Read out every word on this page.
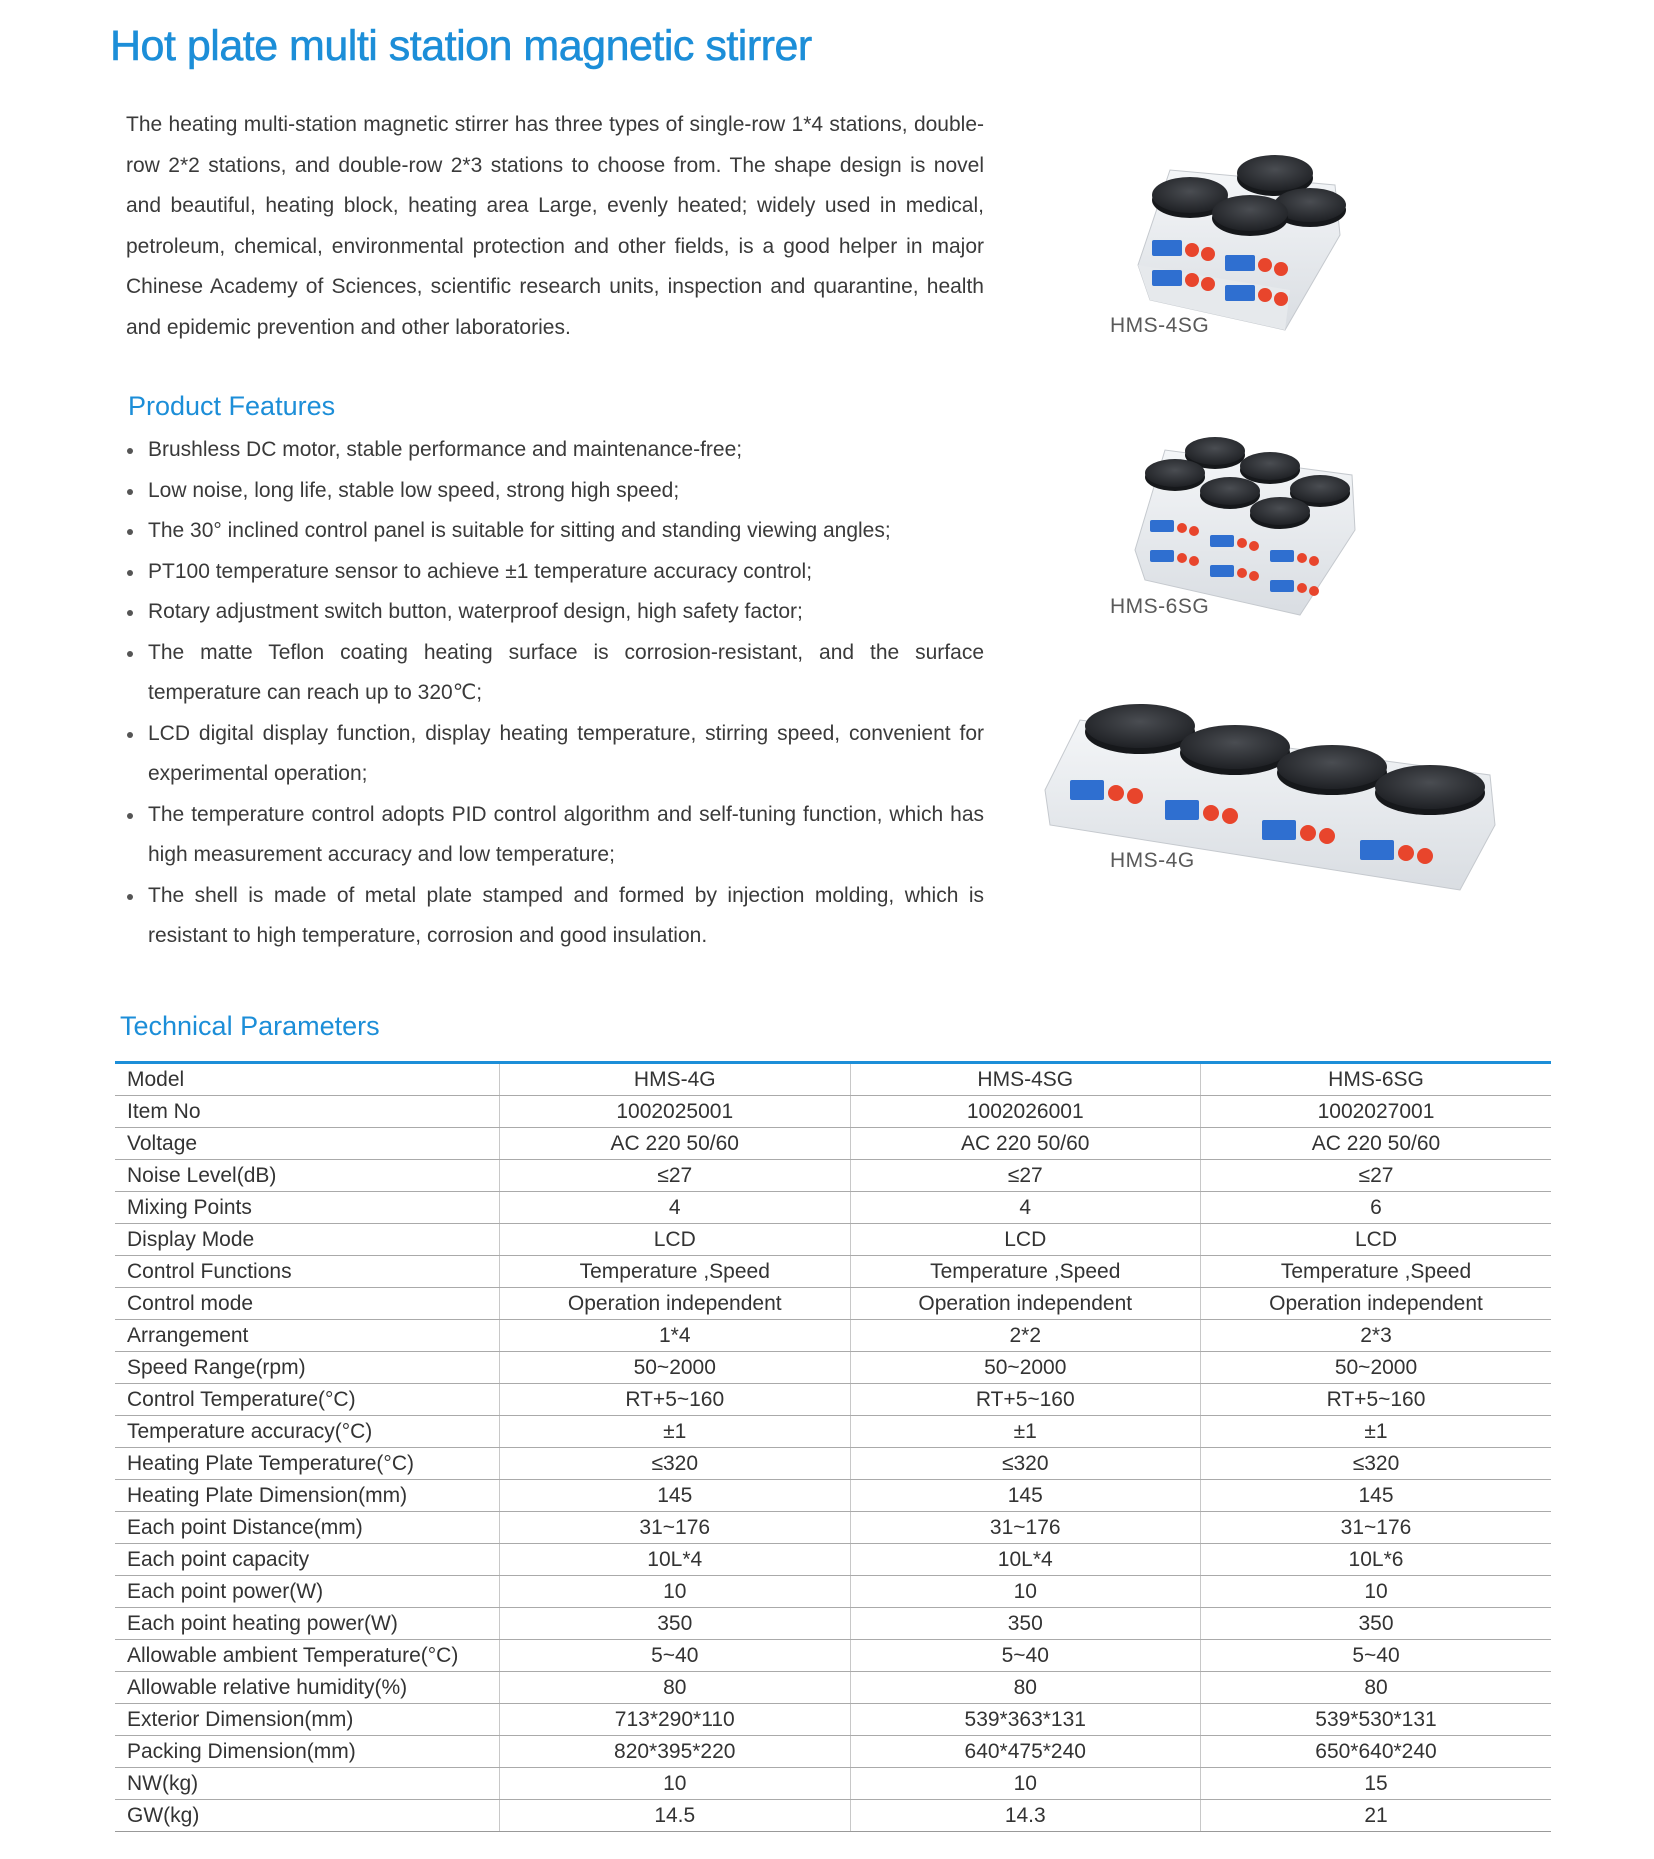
Hot plate multi station magnetic stirrer

The heating multi-station magnetic stirrer has three types of single-row 1*4 stations, double-row 2*2 stations, and double-row 2*3 stations to choose from. The shape design is novel and beautiful, heating block, heating area Large, evenly heated; widely used in medical, petroleum, chemical, environmental protection and other fields, is a good helper in major Chinese Academy of Sciences, scientific research units, inspection and quarantine, health and epidemic prevention and other laboratories.

Product Features
Brushless DC motor, stable performance and maintenance-free;
Low noise, long life, stable low speed, strong high speed;
The 30° inclined control panel is suitable for sitting and standing viewing angles;
PT100 temperature sensor to achieve ±1 temperature accuracy control;
Rotary adjustment switch button, waterproof design, high safety factor;
The matte Teflon coating heating surface is corrosion-resistant, and the surface temperature can reach up to 320℃;
LCD digital display function, display heating temperature, stirring speed, convenient for experimental operation;
The temperature control adopts PID control algorithm and self-tuning function, which has high measurement accuracy and low temperature;
The shell is made of metal plate stamped and formed by injection molding, which is resistant to high temperature, corrosion and good insulation.
HMS-4SG
HMS-6SG
HMS-4G
Technical Parameters
Model	HMS-4G	HMS-4SG	HMS-6SG
Item No	1002025001	1002026001	1002027001
Voltage	AC 220 50/60	AC 220 50/60	AC 220 50/60
Noise Level(dB)	≤27	≤27	≤27
Mixing Points	4	4	6
Display Mode	LCD	LCD	LCD
Control Functions	Temperature ,Speed	Temperature ,Speed	Temperature ,Speed
Control mode	Operation independent	Operation independent	Operation independent
Arrangement	1*4	2*2	2*3
Speed Range(rpm)	50~2000	50~2000	50~2000
Control Temperature(°C)	RT+5~160	RT+5~160	RT+5~160
Temperature accuracy(°C)	±1	±1	±1
Heating Plate Temperature(°C)	≤320	≤320	≤320
Heating Plate Dimension(mm)	145	145	145
Each point Distance(mm)	31~176	31~176	31~176
Each point capacity	10L*4	10L*4	10L*6
Each point power(W)	10	10	10
Each point heating power(W)	350	350	350
Allowable ambient Temperature(°C)	5~40	5~40	5~40
Allowable relative humidity(%)	80	80	80
Exterior Dimension(mm)	713*290*110	539*363*131	539*530*131
Packing Dimension(mm)	820*395*220	640*475*240	650*640*240
NW(kg)	10	10	15
GW(kg)	14.5	14.3	21
